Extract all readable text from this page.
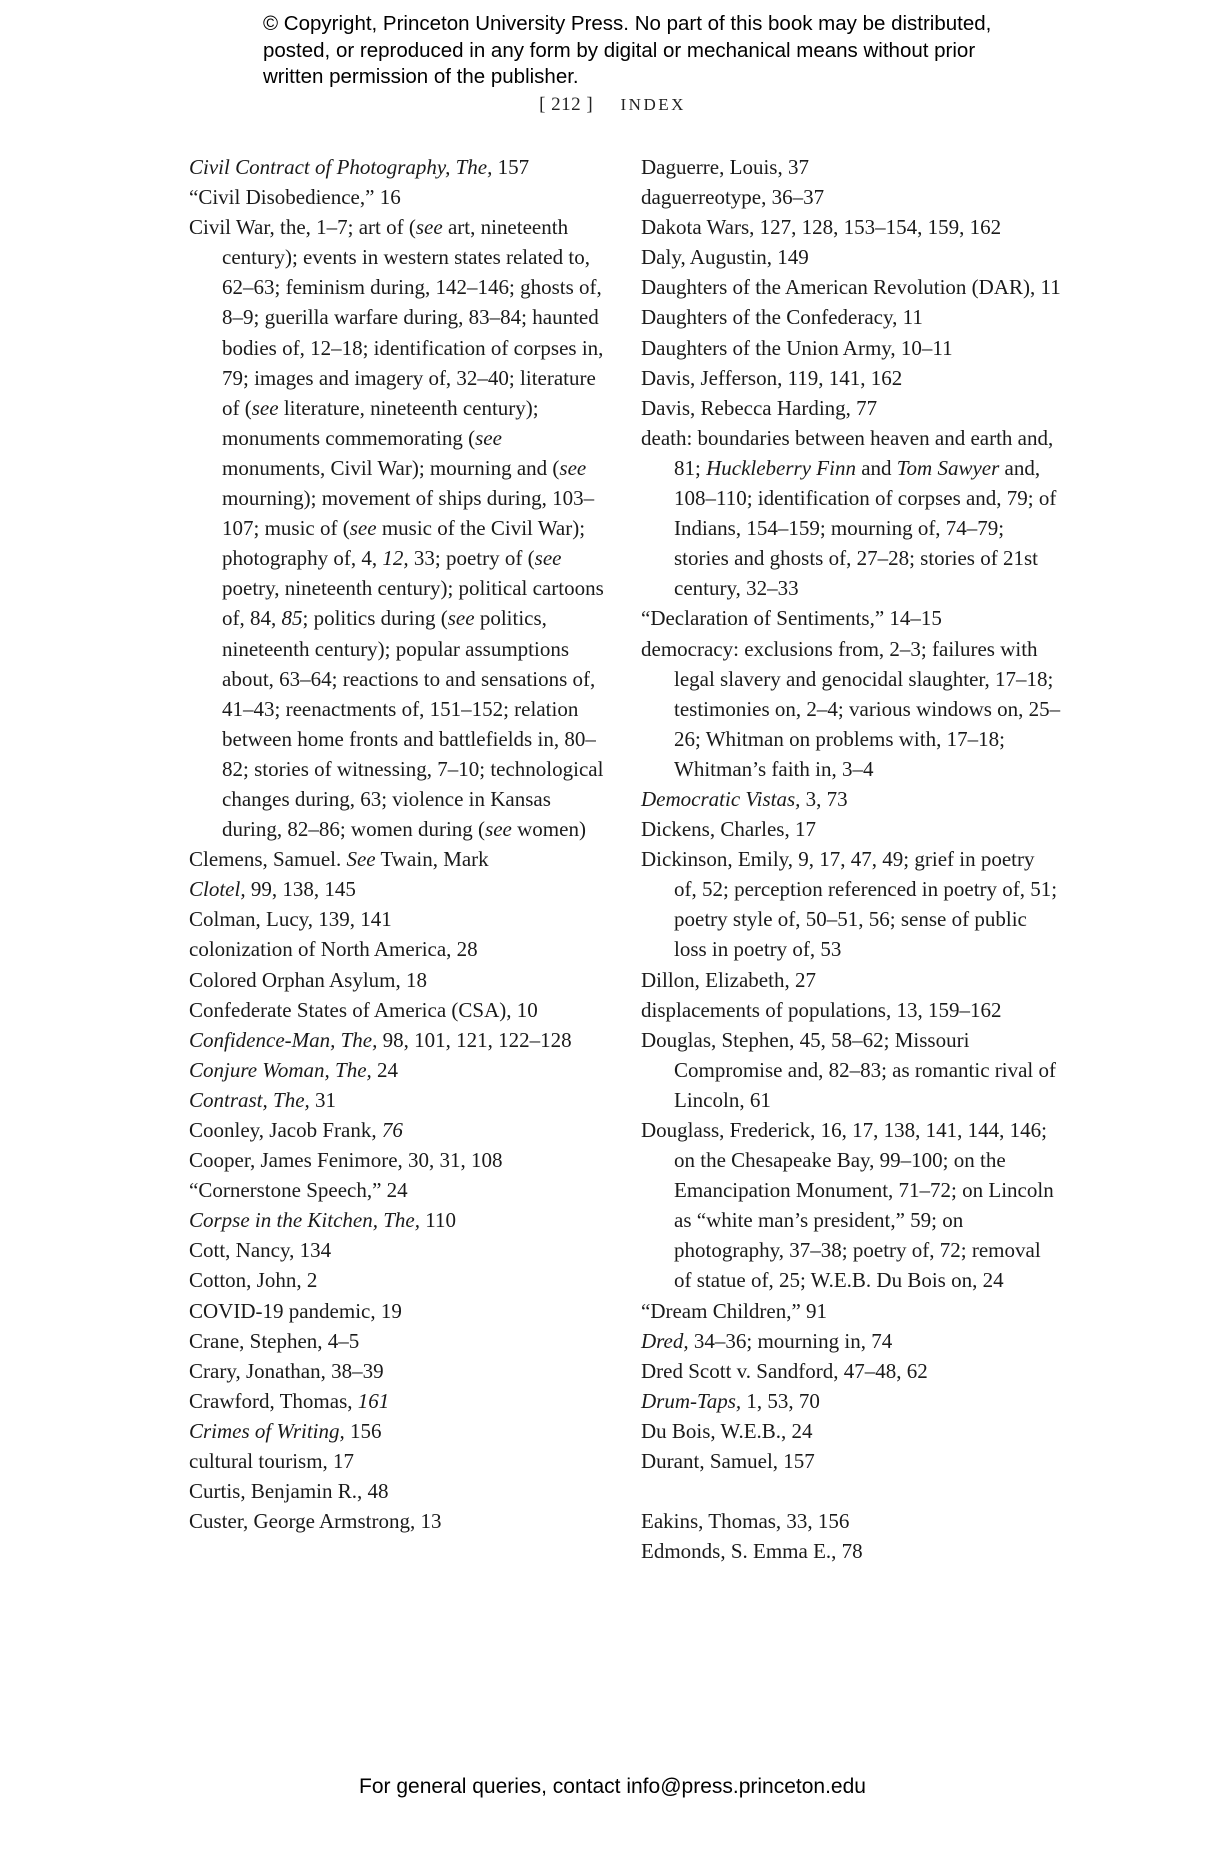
© Copyright, Princeton University Press. No part of this book may be distributed, posted, or reproduced in any form by digital or mechanical means without prior written permission of the publisher.
[ 212 ] INDEX

Civil Contract of Photography, The, 157

“Civil Disobedience,” 16

Civil War, the, 1–7; art of (see art, nineteenth century); events in western states related to, 62–63; feminism during, 142–146; ghosts of, 8–9; guerilla warfare during, 83–84; haunted bodies of, 12–18; identification of corpses in, 79; images and imagery of, 32–40; literature of (see literature, nineteenth century); monuments commemorating (see monuments, Civil War); mourning and (see mourning); movement of ships during, 103–107; music of (see music of the Civil War); photography of, 4, 12, 33; poetry of (see poetry, nineteenth century); political cartoons of, 84, 85; politics during (see politics, nineteenth century); popular assumptions about, 63–64; reactions to and sensations of, 41–43; reenactments of, 151–152; relation between home fronts and battlefields in, 80–82; stories of witnessing, 7–10; technological changes during, 63; violence in Kansas during, 82–86; women during (see women)

Clemens, Samuel. See Twain, Mark

Clotel, 99, 138, 145

Colman, Lucy, 139, 141

colonization of North America, 28

Colored Orphan Asylum, 18

Confederate States of America (CSA), 10

Confidence-Man, The, 98, 101, 121, 122–128

Conjure Woman, The, 24

Contrast, The, 31

Coonley, Jacob Frank, 76

Cooper, James Fenimore, 30, 31, 108

“Cornerstone Speech,” 24

Corpse in the Kitchen, The, 110

Cott, Nancy, 134

Cotton, John, 2

COVID-19 pandemic, 19

Crane, Stephen, 4–5

Crary, Jonathan, 38–39

Crawford, Thomas, 161

Crimes of Writing, 156

cultural tourism, 17

Curtis, Benjamin R., 48

Custer, George Armstrong, 13

Daguerre, Louis, 37

daguerreotype, 36–37

Dakota Wars, 127, 128, 153–154, 159, 162

Daly, Augustin, 149

Daughters of the American Revolution (DAR), 11

Daughters of the Confederacy, 11

Daughters of the Union Army, 10–11

Davis, Jefferson, 119, 141, 162

Davis, Rebecca Harding, 77

death: boundaries between heaven and earth and, 81; Huckleberry Finn and Tom Sawyer and, 108–110; identification of corpses and, 79; of Indians, 154–159; mourning of, 74–79; stories and ghosts of, 27–28; stories of 21st century, 32–33

“Declaration of Sentiments,” 14–15

democracy: exclusions from, 2–3; failures with legal slavery and genocidal slaughter, 17–18; testimonies on, 2–4; various windows on, 25–26; Whitman on problems with, 17–18; Whitman’s faith in, 3–4

Democratic Vistas, 3, 73

Dickens, Charles, 17

Dickinson, Emily, 9, 17, 47, 49; grief in poetry of, 52; perception referenced in poetry of, 51; poetry style of, 50–51, 56; sense of public loss in poetry of, 53

Dillon, Elizabeth, 27

displacements of populations, 13, 159–162

Douglas, Stephen, 45, 58–62; Missouri Compromise and, 82–83; as romantic rival of Lincoln, 61

Douglass, Frederick, 16, 17, 138, 141, 144, 146; on the Chesapeake Bay, 99–100; on the Emancipation Monument, 71–72; on Lincoln as “white man’s president,” 59; on photography, 37–38; poetry of, 72; removal of statue of, 25; W.E.B. Du Bois on, 24

“Dream Children,” 91

Dred, 34–36; mourning in, 74

Dred Scott v. Sandford, 47–48, 62

Drum-Taps, 1, 53, 70

Du Bois, W.E.B., 24

Durant, Samuel, 157

Eakins, Thomas, 33, 156

Edmonds, S. Emma E., 78

For general queries, contact info@press.princeton.edu
